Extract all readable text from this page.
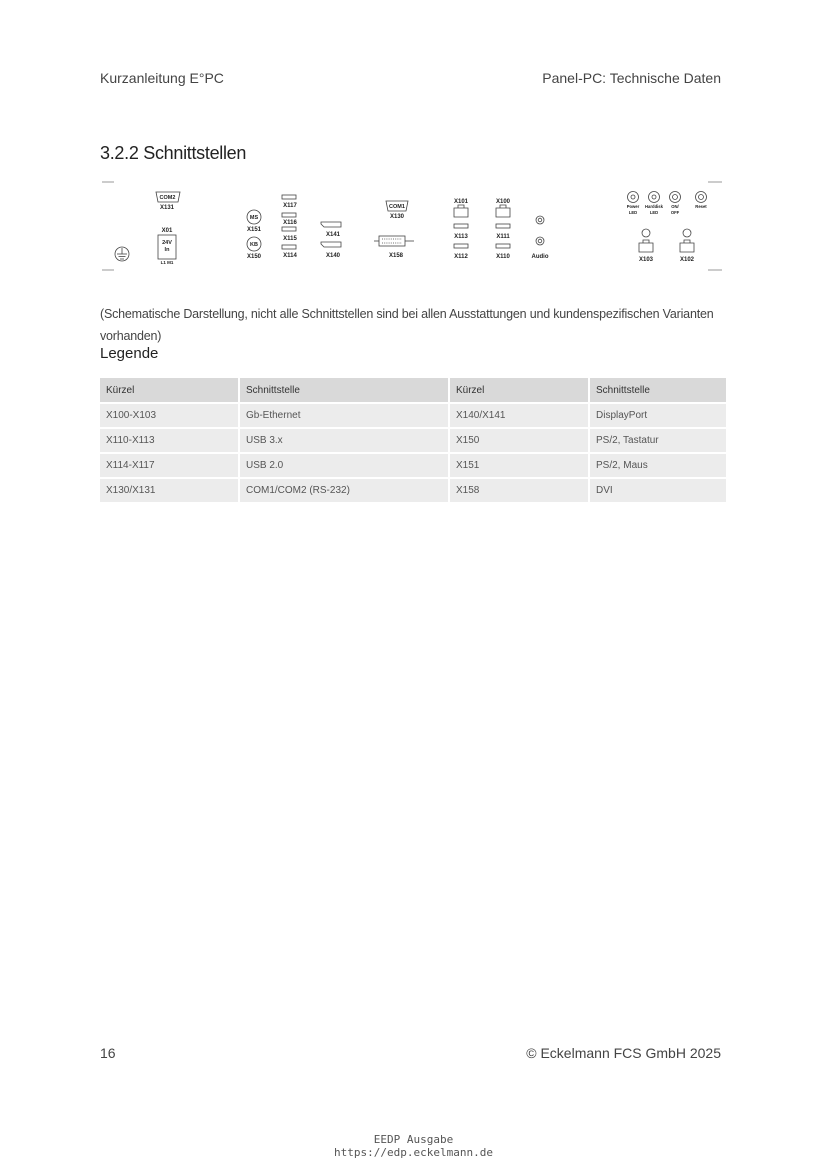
Kurzanleitung E°PC	Panel-PC: Technische Daten
3.2.2 Schnittstellen
COM2
X131
X01
24V
In
L1 M1
MS
X151
KB
X150
X117
X116
X115
X114
X141
X140
COM1
X130
X158
X101
X113
X112
X100
X111
X110	Audio
Power
LED
Harddisk
LED
ON/
OFF
Reset
X103	X102

(Schematische Darstellung, nicht alle Schnittstellen sind bei allen Ausstattungen und kundenspezifischen Varianten vorhanden)

Legende
Kürzel	Schnittstelle	Kürzel	Schnittstelle
X100-X103	Gb-Ethernet	X140/X141	DisplayPort
X110-X113	USB 3.x	X150	PS/2, Tastatur
X114-X117	USB 2.0	X151	PS/2, Maus
X130/X131	COM1/COM2 (RS-232)	X158	DVI
16	© Eckelmann FCS GmbH 2025
EEDP Ausgabe
https://edp.eckelmann.de
